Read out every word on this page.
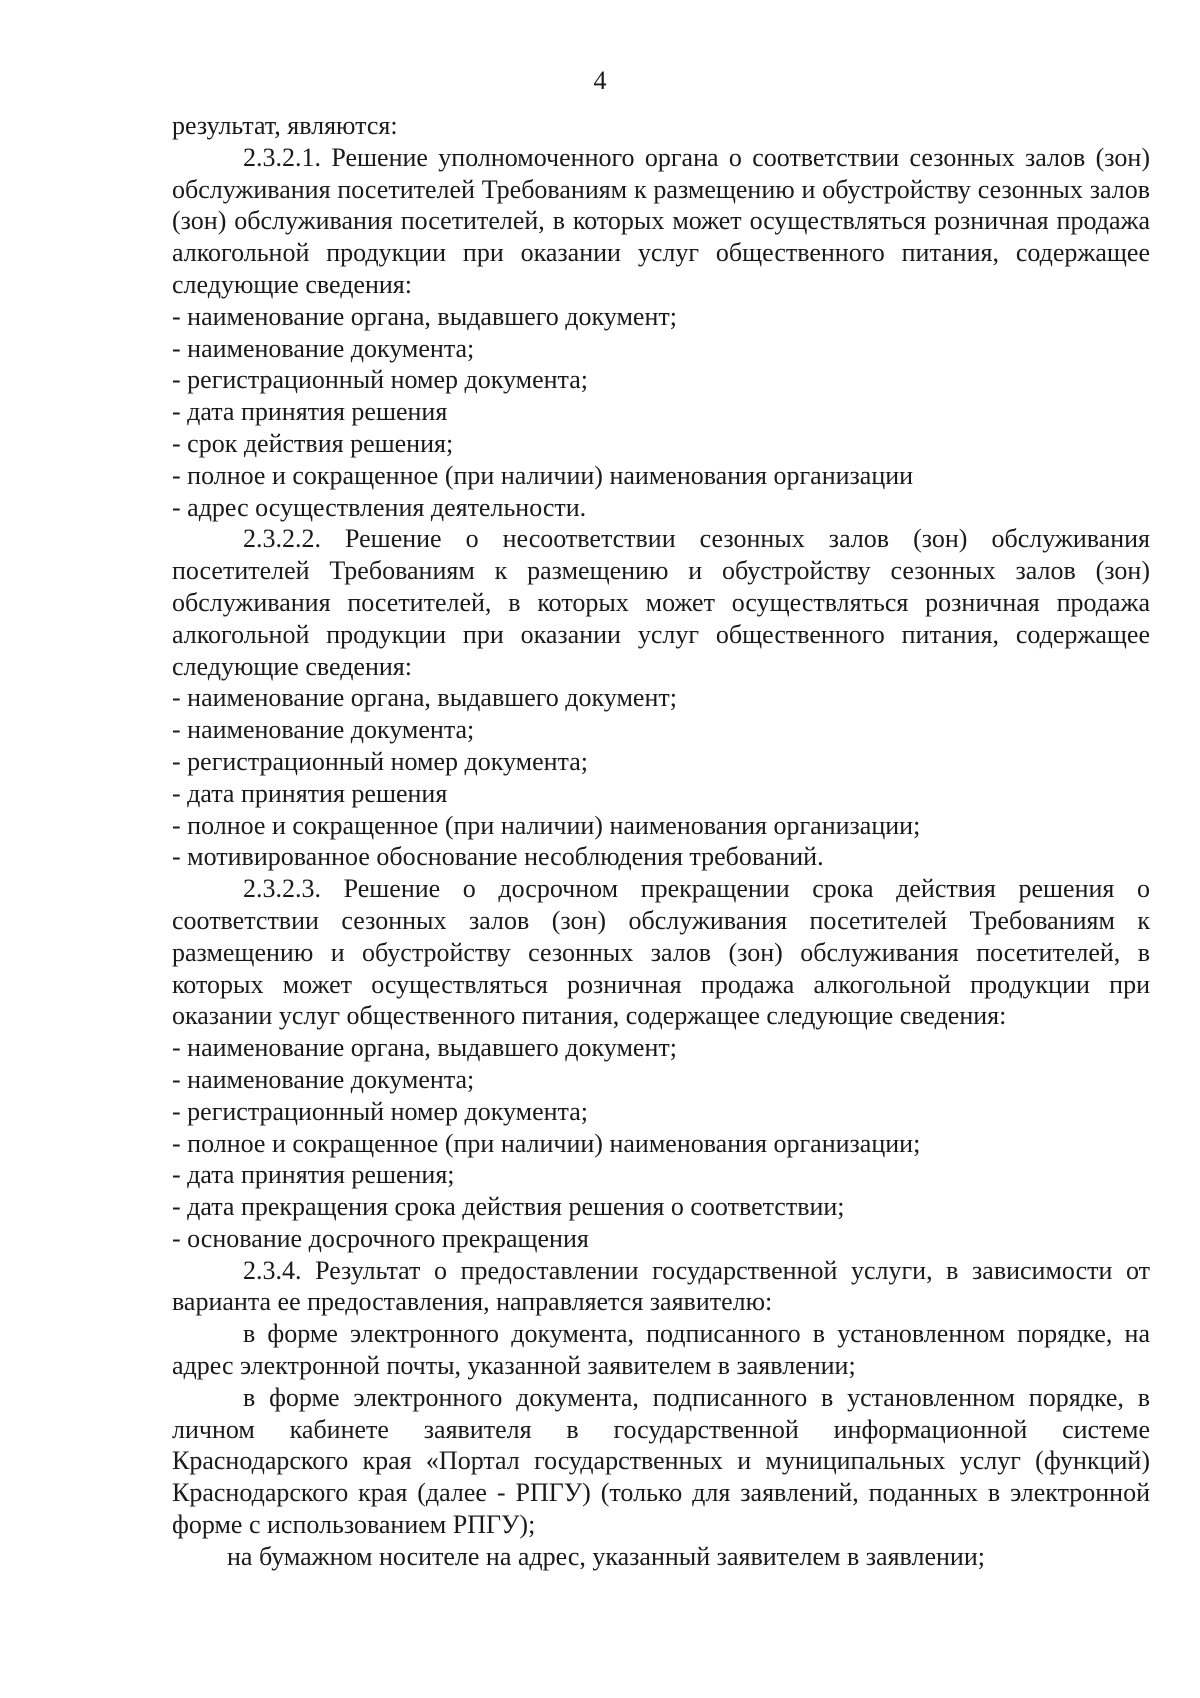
4

результат, являются:

2.3.2.1. Решение уполномоченного органа о соответствии сезонных залов (зон) обслуживания посетителей Требованиям к размещению и обустройству сезонных залов (зон) обслуживания посетителей, в которых может осуществляться розничная продажа алкогольной продукции при оказании услуг общественного питания, содержащее следующие сведения:

- наименование органа, выдавшего документ;

- наименование документа;

- регистрационный номер документа;

- дата принятия решения

- срок действия решения;

- полное и сокращенное (при наличии) наименования организации

- адрес осуществления деятельности.

2.3.2.2. Решение о несоответствии сезонных залов (зон) обслуживания посетителей Требованиям к размещению и обустройству сезонных залов (зон) обслуживания посетителей, в которых может осуществляться розничная продажа алкогольной продукции при оказании услуг общественного питания, содержащее следующие сведения:

- наименование органа, выдавшего документ;

- наименование документа;

- регистрационный номер документа;

- дата принятия решения

- полное и сокращенное (при наличии) наименования организации;

- мотивированное обоснование несоблюдения требований.

2.3.2.3. Решение о досрочном прекращении срока действия решения о соответствии сезонных залов (зон) обслуживания посетителей Требованиям к размещению и обустройству сезонных залов (зон) обслуживания посетителей, в которых может осуществляться розничная продажа алкогольной продукции при оказании услуг общественного питания, содержащее следующие сведения:

- наименование органа, выдавшего документ;

- наименование документа;

- регистрационный номер документа;

- полное и сокращенное (при наличии) наименования организации;

- дата принятия решения;

- дата прекращения срока действия решения о соответствии;

- основание досрочного прекращения

2.3.4. Результат о предоставлении государственной услуги, в зависимости от варианта ее предоставления, направляется заявителю:

в форме электронного документа, подписанного в установленном порядке, на адрес электронной почты, указанной заявителем в заявлении;

в форме электронного документа, подписанного в установленном порядке, в личном кабинете заявителя в государственной информационной системе Краснодарского края «Портал государственных и муниципальных услуг (функций) Краснодарского края (далее - РПГУ) (только для заявлений, поданных в электронной форме с использованием РПГУ);

на бумажном носителе на адрес, указанный заявителем в заявлении;
